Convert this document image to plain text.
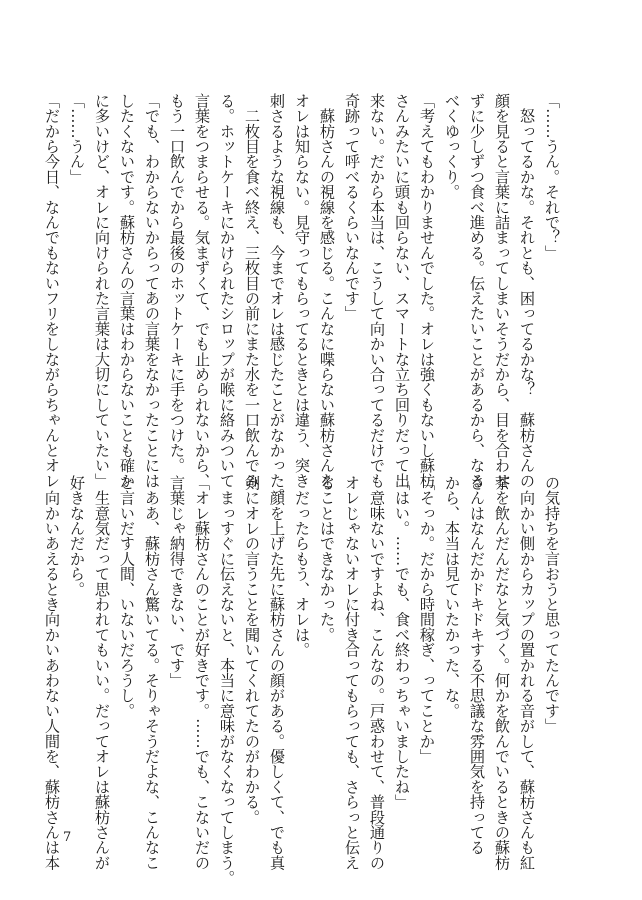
「……うん。それで？」
　怒ってるかな。それとも、困ってるかな？　蘇枋さんの
顔を見ると言葉に詰まってしまいそうだから、目を合わせ
ずに少しずつ食べ進める。伝えたいことがあるから、なる
べくゆっくり。
「考えてもわかりませんでした。オレは強くもないし蘇枋
さんみたいに頭も回らない、スマートな立ち回りだって出
来ない。だから本当は、こうして向かい合ってるだけでも
奇跡って呼べるくらいなんです」
　蘇枋さんの視線を感じる。こんなに喋らない蘇枋さんを
オレは知らない。見守ってもらってるときとは違う、突き
刺さるような視線も、今までオレは感じたことがなかった。
　二枚目を食べ終え、三枚目の前にまた水を一口飲んでみ
る。ホットケーキにかけられたシロップが喉に絡みついて
言葉をつまらせる。気まずくて、でも止められないから、
もう一口飲んでから最後のホットケーキに手をつけた。
「でも、わからないからってあの言葉をなかったことには
したくないです。蘇枋さんの言葉はわからないことも確か
に多いけど、オレに向けられた言葉は大切にしていたい」
「……うん」
「だから今日、なんでもないフリをしながらちゃんとオレ
の気持ちを言おうと思ってたんです」
　向かい側からカップの置かれる音がして、蘇枋さんも紅
茶を飲んだんだなと気づく。何かを飲んでいるときの蘇枋
さんはなんだかドキドキする不思議な雰囲気を持ってる
から、本当は見ていたかった、な。
「そっか。だから時間稼ぎ、ってことか」
「はい。……でも、食べ終わっちゃいましたね」
　意味ないですよね、こんなの。戸惑わせて、普段通りの
オレじゃないオレに付き合ってもらっても、さらっと伝え
ることはできなかった。
　だったらもう、オレは。
　顔を上げた先に蘇枋さんの顔がある。優しくて、でも真
剣にオレの言うことを聞いてくれてたのがわかる。
　まっすぐに伝えないと、本当に意味がなくなってしまう。
「オレ蘇枋さんのことが好きです。……でも、こないだの
言葉じゃ納得できない、です」
　ああ、蘇枋さん驚いてる。そりゃそうだよな、こんなこ
と言いだす人間、いないだろうし。
　生意気だって思われてもいい。だってオレは蘇枋さんが
好きなんだから。
　向かいあえるとき向かいあわない人間を、蘇枋さんは本 7
